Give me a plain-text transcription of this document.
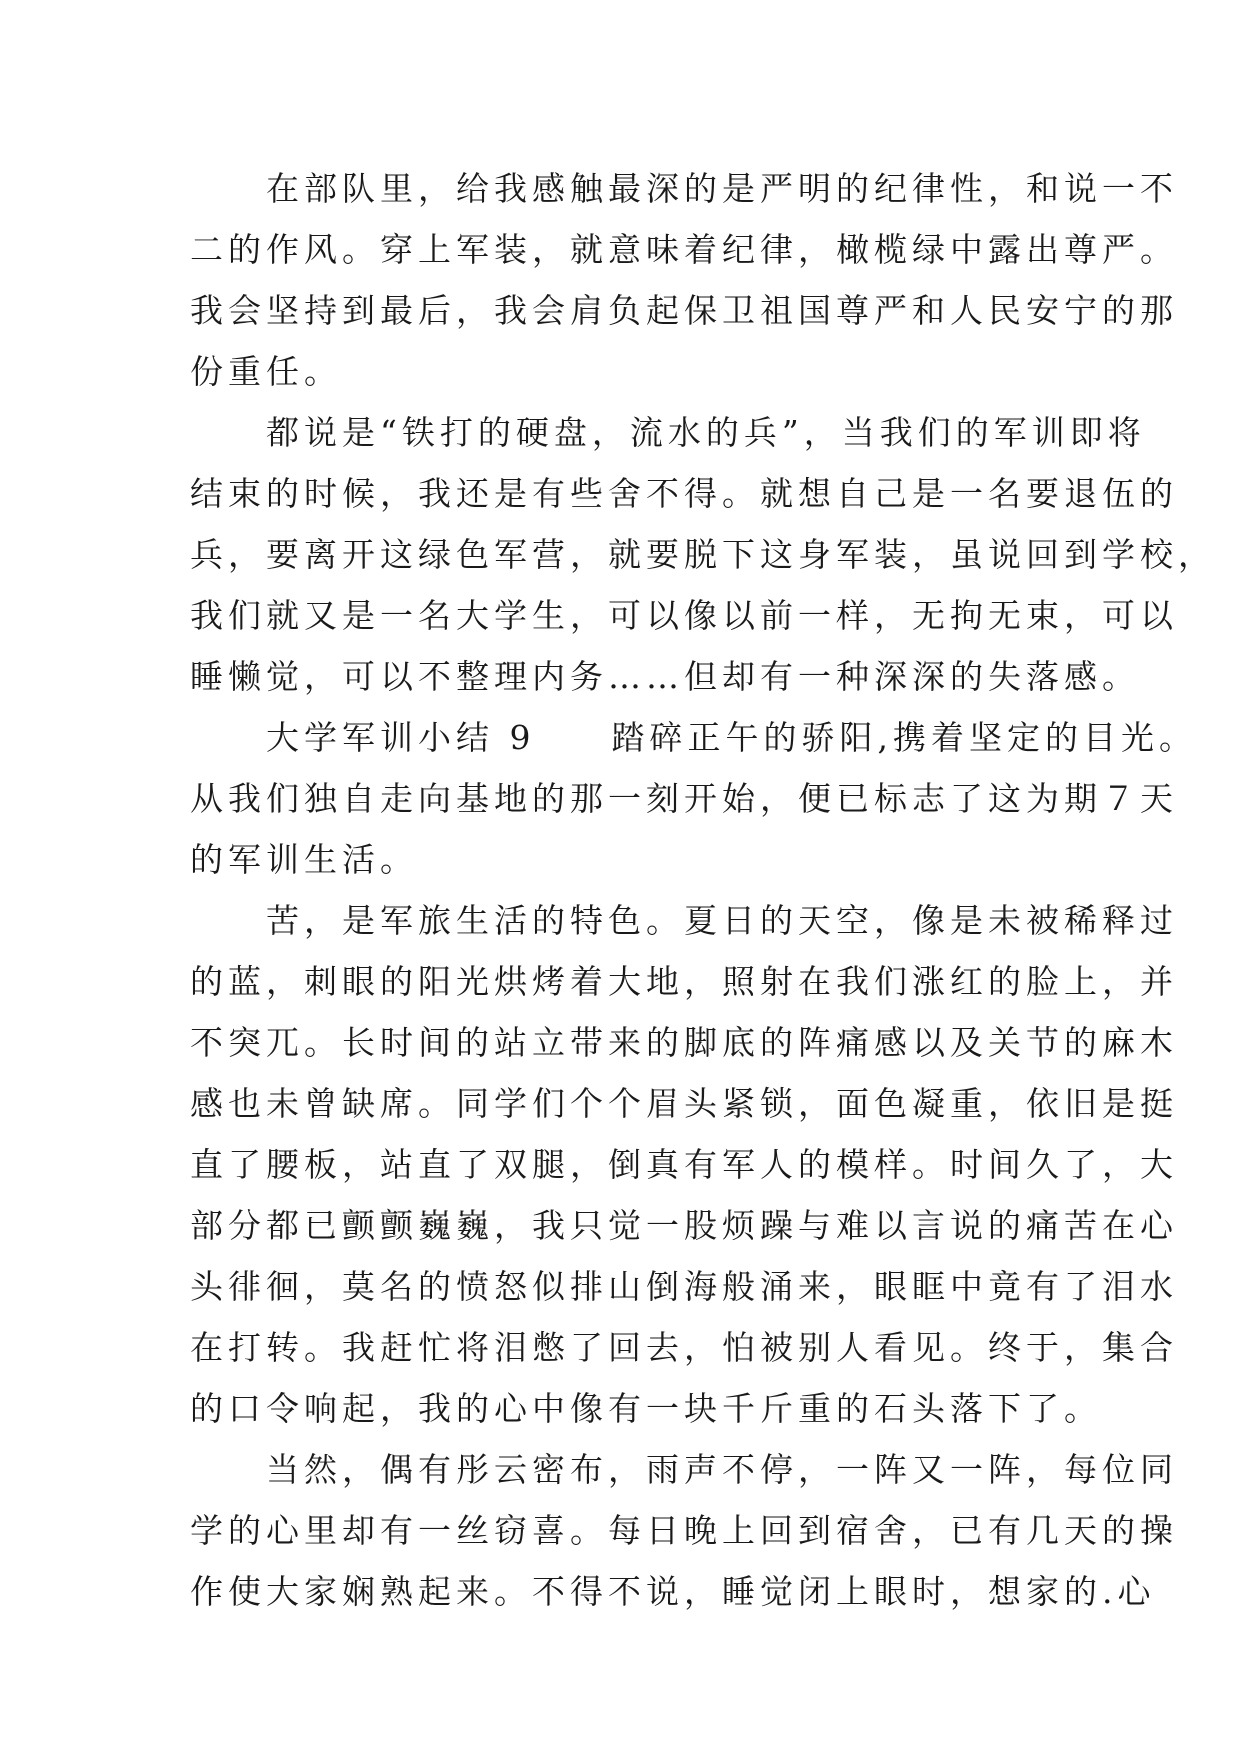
　　在部队里，给我感触最深的是严明的纪律性，和说一不
二的作风。穿上军装，就意味着纪律，橄榄绿中露出尊严。
我会坚持到最后，我会肩负起保卫祖国尊严和人民安宁的那
份重任。

　　都说是“铁打的硬盘，流水的兵”，当我们的军训即将
结束的时候，我还是有些舍不得。就想自己是一名要退伍的
兵，要离开这绿色军营，就要脱下这身军装，虽说回到学校，
我们就又是一名大学生，可以像以前一样，无拘无束，可以
睡懒觉，可以不整理内务……但却有一种深深的失落感。

　　大学军训小结 9　　踏碎正午的骄阳,携着坚定的目光。
从我们独自走向基地的那一刻开始，便已标志了这为期７天
的军训生活。

　　苦，是军旅生活的特色。夏日的天空，像是未被稀释过
的蓝，刺眼的阳光烘烤着大地，照射在我们涨红的脸上，并
不突兀。长时间的站立带来的脚底的阵痛感以及关节的麻木
感也未曾缺席。同学们个个眉头紧锁，面色凝重，依旧是挺
直了腰板，站直了双腿，倒真有军人的模样。时间久了，大
部分都已颤颤巍巍，我只觉一股烦躁与难以言说的痛苦在心
头徘徊，莫名的愤怒似排山倒海般涌来，眼眶中竟有了泪水
在打转。我赶忙将泪憋了回去，怕被别人看见。终于，集合
的口令响起，我的心中像有一块千斤重的石头落下了。

　　当然，偶有彤云密布，雨声不停，一阵又一阵，每位同
学的心里却有一丝窃喜。每日晚上回到宿舍，已有几天的操
作使大家娴熟起来。不得不说，睡觉闭上眼时，想家的.心
